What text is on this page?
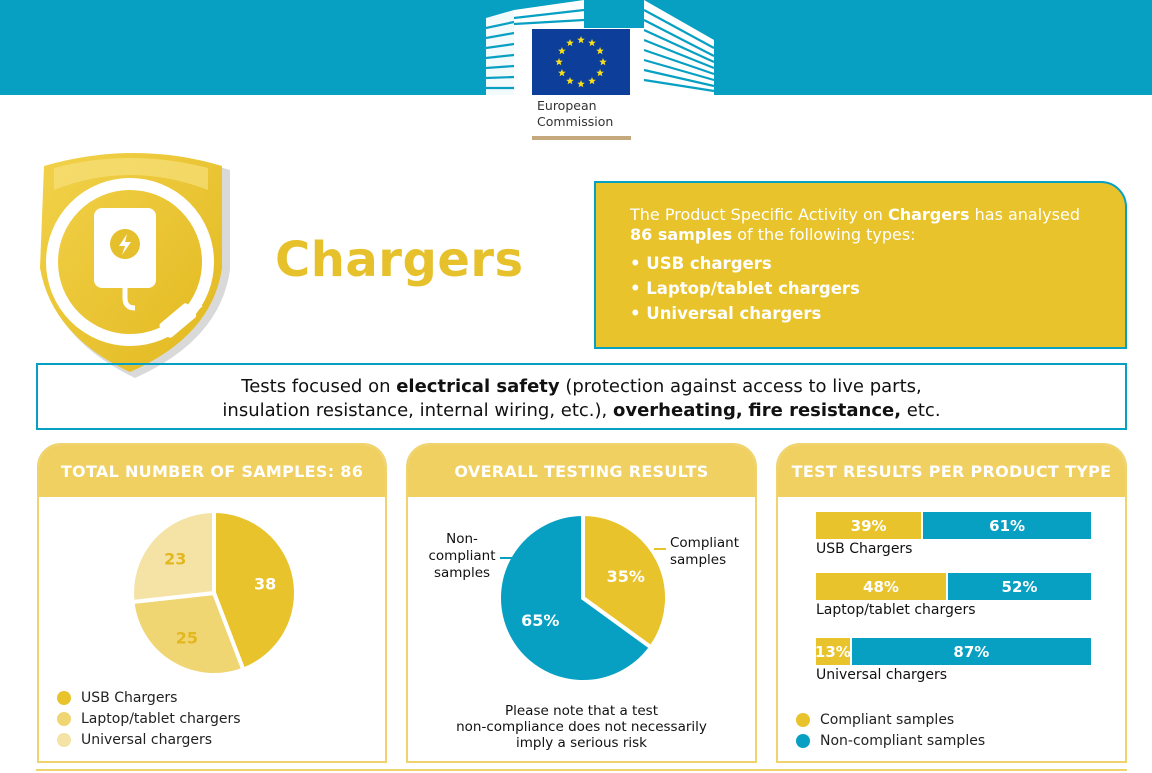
European
Commission
Chargers
The Product Specific Activity on Chargers has analysed
86 samples of the following types:
• USB chargers
• Laptop/tablet chargers
• Universal chargers
Tests focused on electrical safety (protection against access to live parts,
insulation resistance, internal wiring, etc.), overheating, fire resistance, etc.
TOTAL NUMBER OF SAMPLES: 86
38
25
23
USB Chargers
Laptop/tablet chargers
Universal chargers
OVERALL TESTING RESULTS
35%
65%
Non-
compliant
samples
Compliant
samples
Please note that a test
non-compliance does not necessarily
imply a serious risk
TEST RESULTS PER PRODUCT TYPE
39%	61%
USB Chargers
48%	52%
Laptop/tablet chargers
13%	87%
Universal chargers
Compliant samples
Non-compliant samples
